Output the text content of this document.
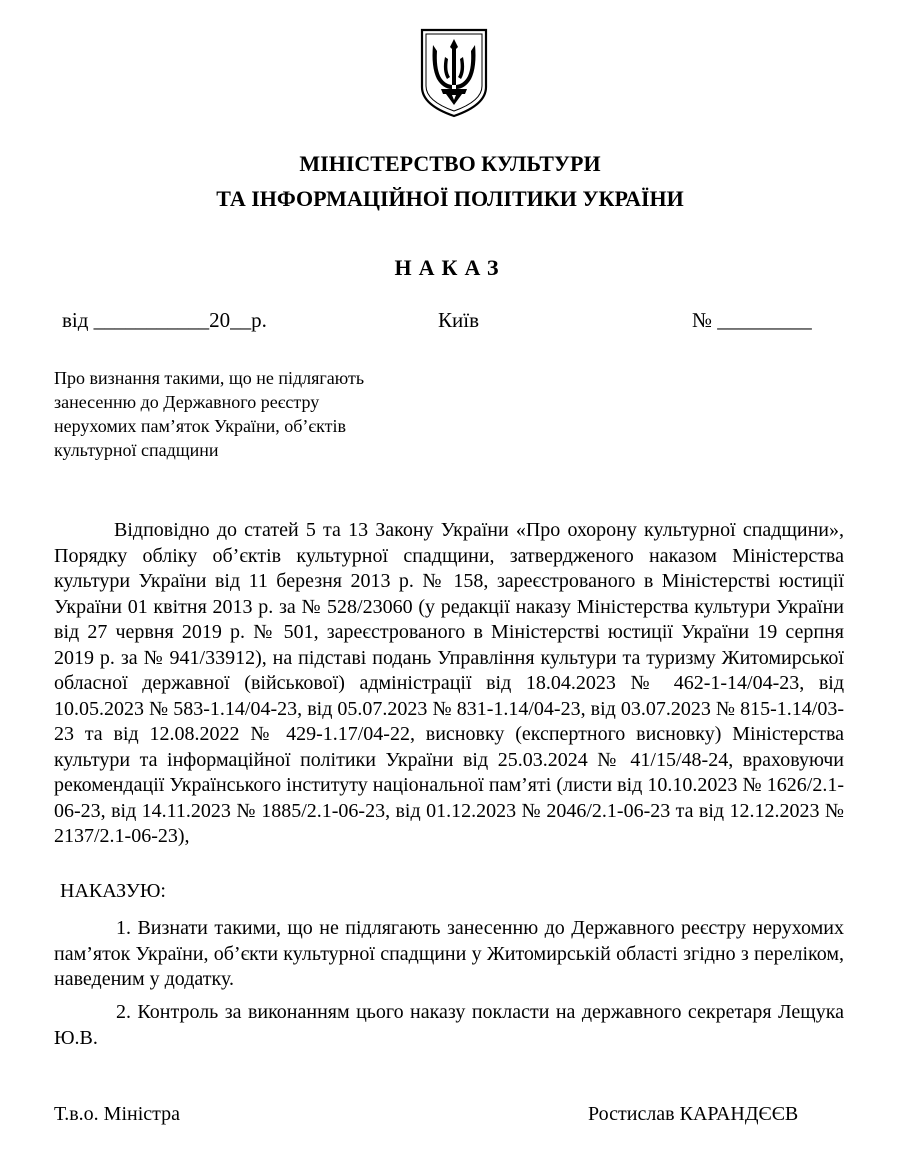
МІНІСТЕРСТВО КУЛЬТУРИ
ТА ІНФОРМАЦІЙНОЇ ПОЛІТИКИ УКРАЇНИ
НАКАЗ
від ___________20__р.	Київ	№ _________
Про визнання такими, що не підлягають
занесенню до Державного реєстру
нерухомих пам’яток України, об’єктів
культурної спадщини

Відповідно до статей 5 та 13 Закону України «Про охорону культурної спадщини», Порядку обліку об’єктів культурної спадщини, затвердженого наказом Міністерства культури України від 11 березня 2013 р. № 158, зареєстрованого в Міністерстві юстиції України 01 квітня 2013 р. за № 528/23060 (у редакції наказу Міністерства культури України від 27 червня 2019 р. № 501, зареєстрованого в Міністерстві юстиції України 19 серпня 2019 р. за № 941/33912), на підставі подань Управління культури та туризму Житомирської обласної державної (військової) адміністрації від 18.04.2023 № 462-1-14/04-23, від 10.05.2023 № 583-1.14/04-23, від 05.07.2023 № 831-1.14/04-23, від 03.07.2023 № 815-1.14/03-23 та від 12.08.2022 № 429-1.17/04-22, висновку (експертного висновку) Міністерства культури та інформаційної політики України від 25.03.2024 № 41/15/48-24, враховуючи рекомендації Українського інституту національної пам’яті (листи від 10.10.2023 № 1626/2.1-06-23, від 14.11.2023 № 1885/2.1-06-23, від 01.12.2023 № 2046/2.1-06-23 та від 12.12.2023 № 2137/2.1-06-23),

НАКАЗУЮ:

1. Визнати такими, що не підлягають занесенню до Державного реєстру нерухомих пам’яток України, об’єкти культурної спадщини у Житомирській області згідно з переліком, наведеним у додатку.

2. Контроль за виконанням цього наказу покласти на державного секретаря Лещука Ю.В.

Т.в.о. Міністра	Ростислав КАРАНДЄЄВ
